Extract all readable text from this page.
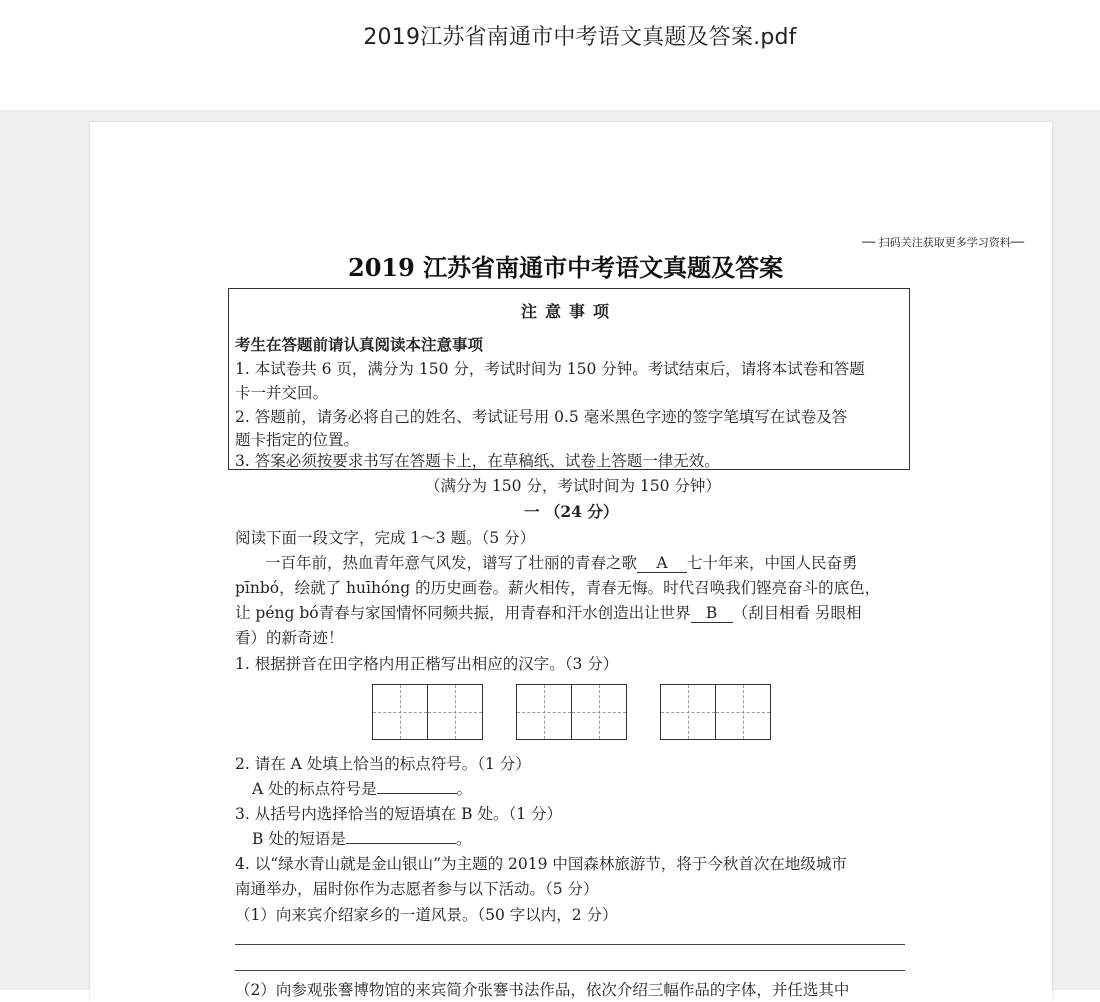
2019江苏省南通市中考语文真题及答案.pdf
── 扫码关注获取更多学习资料──
2019 江苏省南通市中考语文真题及答案
注意事项
考生在答题前请认真阅读本注意事项
1. 本试卷共 6 页，满分为 150 分，考试时间为 150 分钟。考试结束后，请将本试卷和答题
卡一并交回。
2. 答题前，请务必将自己的姓名、考试证号用 0.5 毫米黑色字迹的签字笔填写在试卷及答
题卡指定的位置。
3. 答案必须按要求书写在答题卡上，在草稿纸、试卷上答题一律无效。
（满分为 150 分，考试时间为 150 分钟）
一 （24 分）
阅读下面一段文字，完成 1～3 题。（5 分）
一百年前，热血青年意气风发，谱写了壮丽的青春之歌 A 七十年来，中国人民奋勇
pīnbó，绘就了 huīhóng 的历史画卷。薪火相传，青春无悔。时代召唤我们铿亮奋斗的底色，
让 péng bó青春与家国情怀同频共振，用青春和汗水创造出让世界 B （刮目相看 另眼相
看）的新奇迹！
1. 根据拼音在田字格内用正楷写出相应的汉字。（3 分）
2. 请在 A 处填上恰当的标点符号。（1 分）
A 处的标点符号是	。
3. 从括号内选择恰当的短语填在 B 处。（1 分）
B 处的短语是	。
4. 以“绿水青山就是金山银山”为主题的 2019 中国森林旅游节，将于今秋首次在地级城市
南通举办，届时你作为志愿者参与以下活动。（5 分）
（1）向来宾介绍家乡的一道风景。（50 字以内，2 分）
（2）向参观张謇博物馆的来宾简介张謇书法作品，依次介绍三幅作品的字体，并任选其中
